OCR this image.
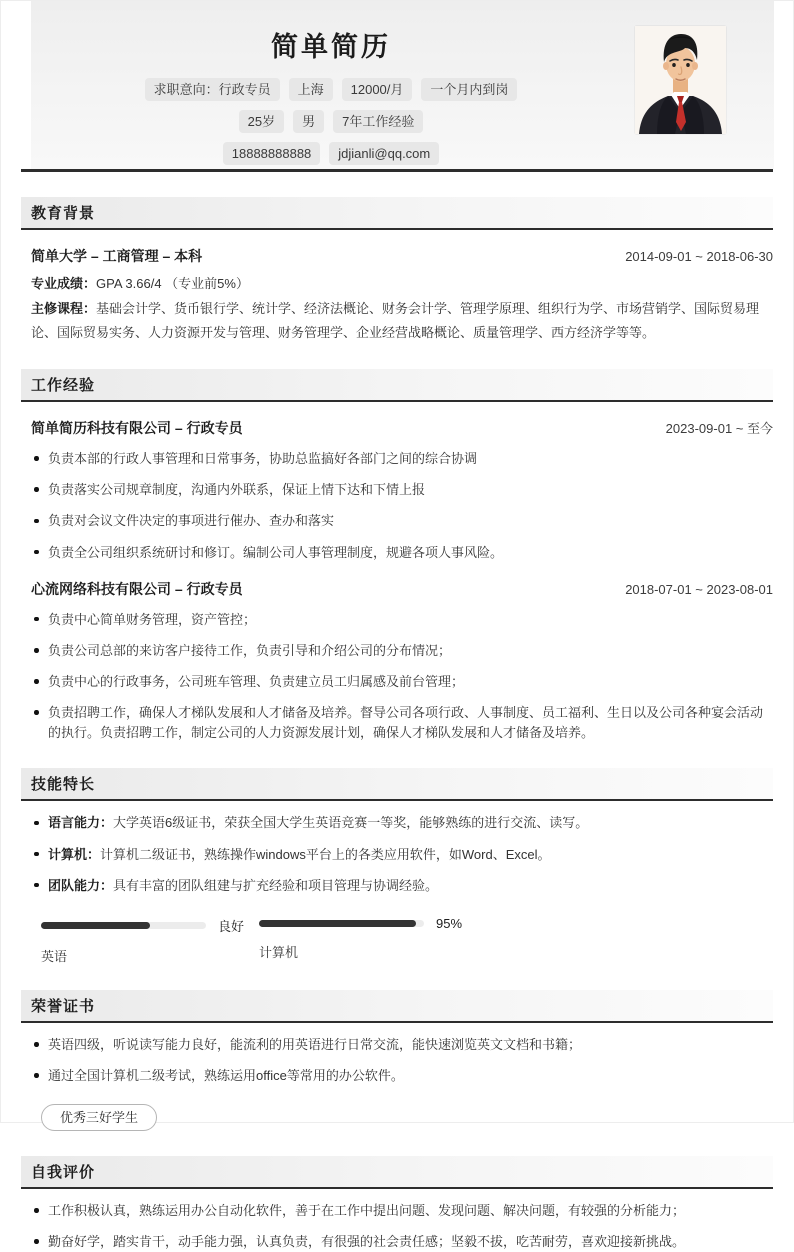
简单简历
求职意向：行政专员	上海	12000/月	一个月内到岗
25岁	男	7年工作经验
18888888888	jdjianli@qq.com
教育背景
简单大学 – 工商管理 – 本科	2014-09-01 ~ 2018-06-30

专业成绩：GPA 3.66/4 （专业前5%）

主修课程：基础会计学、货币银行学、统计学、经济法概论、财务会计学、管理学原理、组织行为学、市场营销学、国际贸易理论、国际贸易实务、人力资源开发与管理、财务管理学、企业经营战略概论、质量管理学、西方经济学等等。

工作经验
简单简历科技有限公司 – 行政专员	2023-09-01 ~ 至今
负责本部的行政人事管理和日常事务，协助总监搞好各部门之间的综合协调
负责落实公司规章制度，沟通内外联系，保证上情下达和下情上报
负责对会议文件决定的事项进行催办、查办和落实
负责全公司组织系统研讨和修订。编制公司人事管理制度，规避各项人事风险。
心流网络科技有限公司 – 行政专员	2018-07-01 ~ 2023-08-01
负责中心简单财务管理，资产管控；
负责公司总部的来访客户接待工作，负责引导和介绍公司的分布情况；
负责中心的行政事务，公司班车管理、负责建立员工归属感及前台管理；
负责招聘工作，确保人才梯队发展和人才储备及培养。督导公司各项行政、人事制度、员工福利、生日以及公司各种宴会活动的执行。负责招聘工作，制定公司的人力资源发展计划，确保人才梯队发展和人才储备及培养。
技能特长
语言能力：大学英语6级证书，荣获全国大学生英语竞赛一等奖，能够熟练的进行交流、读写。
计算机：计算机二级证书，熟练操作windows平台上的各类应用软件，如Word、Excel。
团队能力：具有丰富的团队组建与扩充经验和项目管理与协调经验。
良好
英语
95%
计算机
荣誉证书
英语四级，听说读写能力良好，能流利的用英语进行日常交流，能快速浏览英文文档和书籍；
通过全国计算机二级考试，熟练运用office等常用的办公软件。
优秀三好学生
自我评价
工作积极认真，熟练运用办公自动化软件，善于在工作中提出问题、发现问题、解决问题，有较强的分析能力；
勤奋好学，踏实肯干，动手能力强，认真负责，有很强的社会责任感；坚毅不拔，吃苦耐劳，喜欢迎接新挑战。
